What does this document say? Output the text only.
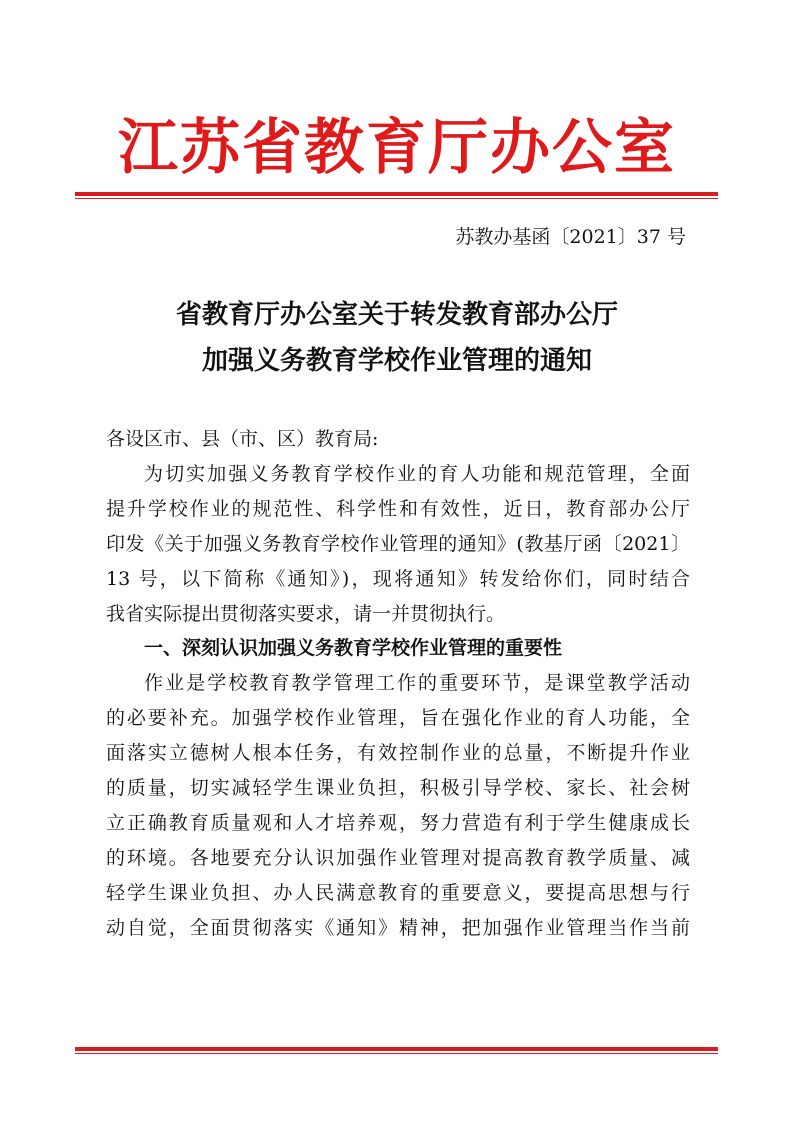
江苏省教育厅办公室
苏教办基函〔2021〕37 号
省教育厅办公室关于转发教育部办公厅
加强义务教育学校作业管理的通知
各设区市、县（市、区）教育局:
为切实加强义务教育学校作业的育人功能和规范管理，全面
提升学校作业的规范性、科学性和有效性，近日，教育部办公厅
印发《关于加强义务教育学校作业管理的通知》(教基厅函〔2021〕
13 号，以下简称《通知》)，现将通知》转发给你们，同时结合
我省实际提出贯彻落实要求，请一并贯彻执行。
一、深刻认识加强义务教育学校作业管理的重要性
作业是学校教育教学管理工作的重要环节，是课堂教学活动
的必要补充。加强学校作业管理，旨在强化作业的育人功能，全
面落实立德树人根本任务，有效控制作业的总量，不断提升作业
的质量，切实减轻学生课业负担，积极引导学校、家长、社会树
立正确教育质量观和人才培养观，努力营造有利于学生健康成长
的环境。各地要充分认识加强作业管理对提高教育教学质量、减
轻学生课业负担、办人民满意教育的重要意义，要提高思想与行
动自觉，全面贯彻落实《通知》精神，把加强作业管理当作当前
